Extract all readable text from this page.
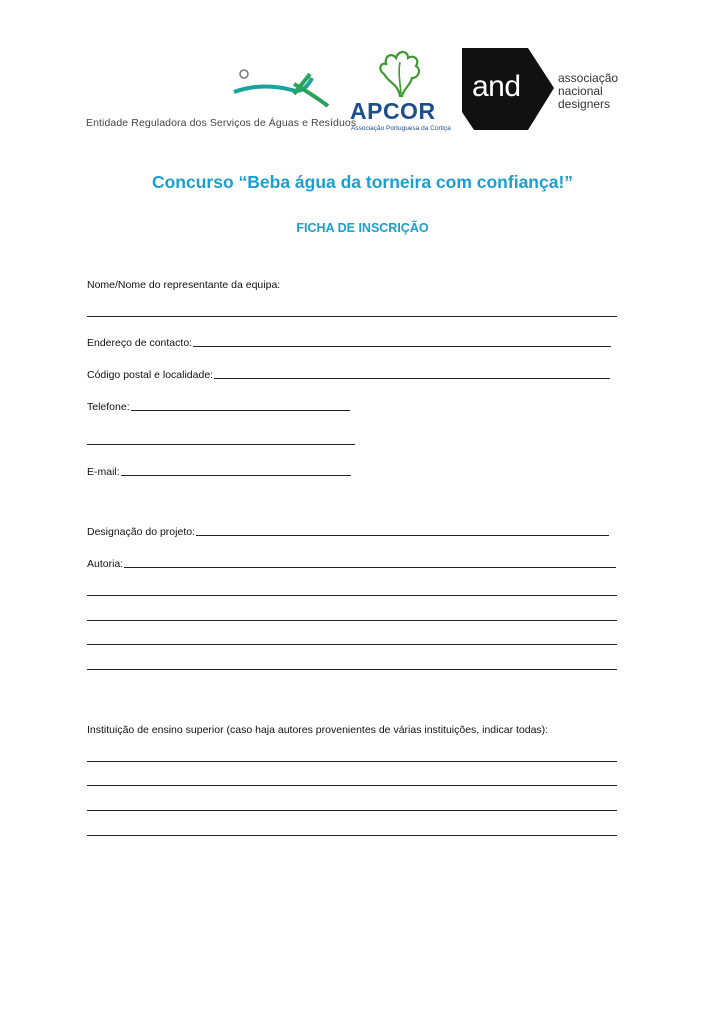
Entidade Reguladora dos Serviços de Águas e Resíduos
APCOR
Associação Portuguesa da Cortiça
and	associação
nacional
designers
Concurso “Beba água da torneira com confiança!”
FICHA DE INSCRIÇÃO
Nome/Nome do representante da equipa:
Endereço de contacto:
Código postal e localidade:
Telefone:
E-mail:
Designação do projeto:
Autoria:
Instituição de ensino superior (caso haja autores provenientes de várias instituições, indicar todas):
